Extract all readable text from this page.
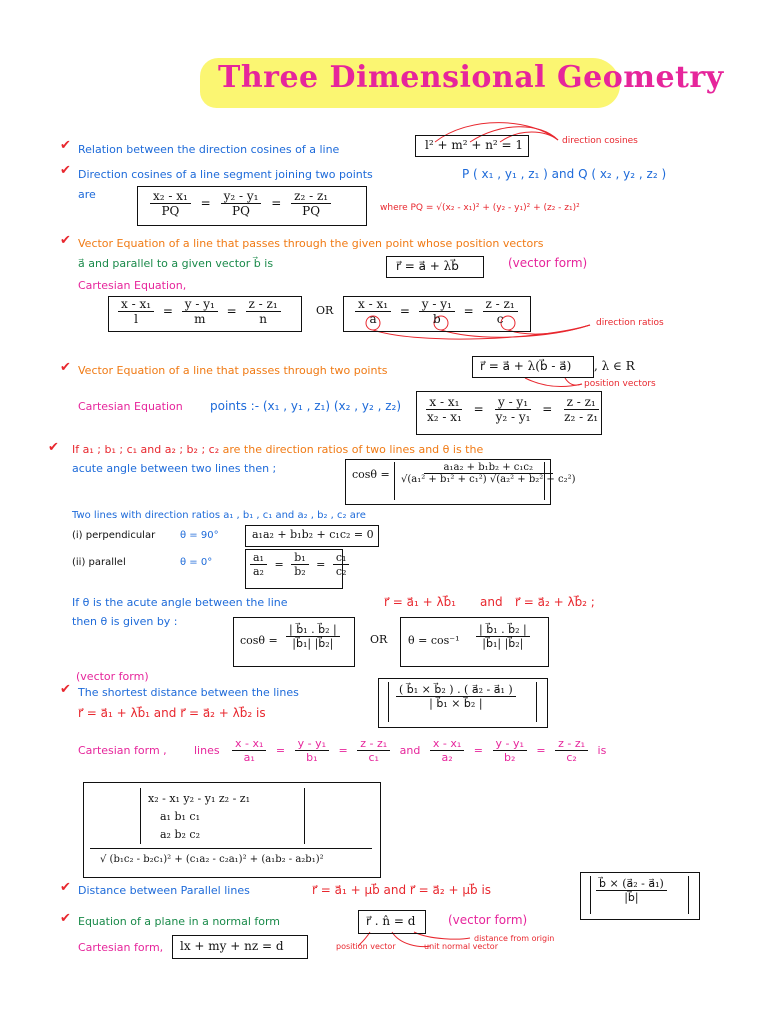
Three Dimensional Geometry
✔ Relation between the direction cosines of a line	l² + m² + n² = 1	direction cosines
✔ Direction cosines of a line segment joining two points	P ( x₁ , y₁ , z₁ ) and Q ( x₂ , y₂ , z₂ )
are	$\frac{\text{x₂ - x₁}}{PQ} = \frac{\text{y₂ - y₁}}{PQ} = \frac{\text{z₂ - z₁}}{PQ}$	where PQ = √(x₂ - x₁)² + (y₂ - y₁)² + (z₂ - z₁)²
✔ Vector Equation of a line that passes through the given point whose position vectors
a⃗ and parallel to a given vector b⃗ is	r⃗ = a⃗ + λb⃗	(vector form)
Cartesian Equation,
$\frac{\text{x - x₁}}{l} = \frac{\text{y - y₁}}{m} = \frac{\text{z - z₁}}{n}$	OR $\frac{\text{x - x₁}}{a} = \frac{\text{y - y₁}}{b} = \frac{\text{z - z₁}}{c}$	direction ratios
✔ Vector Equation of a line that passes through two points	r⃗ = a⃗ + λ(b⃗ - a⃗) , λ ∈ R
position vectors
Cartesian Equation points :- (x₁ , y₁ , z₁) (x₂ , y₂ , $z_2) \frac{\text{x - x₁}}{\text{x₂ - x₁}} = \frac{\text{y - y₁}}{\text{y₂ - y₁}} = \frac{\text{z - z₁}}{\text{z₂ - z₁}}$
✔ If a₁ ; b₁ ; c₁ and a₂ ; b₂ ; c₂ are the direction ratios of two lines and θ is the
acute angle between two lines then ;	$\cos\theta = \frac{\text{a₁a₂ + b₁b₂ + c₁c₂}}{\text{√(a₁² + b₁² + c₁²) √(a₂² + b₂² + c₂²)}}$
Two lines with direction ratios a₁ , b₁ , c₁ and a₂ , b₂ , c₂ are
(i) perpendicular θ = 90°	a₁a₂ + b₁b₂ + c₁c₂ = 0
(ii) parallel	θ = 0°	$\frac{\text{a₁}}{\text{a₂}} = \frac{\text{b₁}}{\text{b₂}} = \frac{\text{c₁}}{\text{c₂}}$
If θ is the acute angle between the line	r⃗ = a⃗₁ + λb⃗₁ and r⃗ = a⃗₂ + λb⃗₂ ;
then θ is given by :
$\cos\theta = \frac{\text{| b⃗₁ . b⃗₂ |}}{\text{|b⃗₁| |b⃗₂|}}$	OR $\theta = \cos^{-1} \frac{\text{| b⃗₁ . b⃗₂ |}}{\text{|b⃗₁| |b⃗₂|}}$
(vector form)
✔ The shortest distance between the lines
r⃗ = a⃗₁ + λb⃗₁ and r⃗ = a⃗₂ + λb⃗₂ is
$\frac{\text{( b⃗₁ × b⃗₂ ) . ( a⃗₂ - a⃗₁ )}}{\text{| b⃗₁ × b⃗₂ |}}$
Cartesian form , lines $\frac{\text{x - x₁}}{\text{a₁}} = \frac{\text{y - y₁}}{\text{b₁}} = \frac{\text{z - z₁}}{\text{c₁}}$ and $\frac{\text{x - x₁}}{\text{a₂}} = \frac{\text{y - y₁}}{\text{b₂}} = \frac{\text{z - z₁}}{\text{c₂}}$ is
x₂ - x₁ y₂ - y₁ z₂ - z₁
a₁ b₁ c₁
a₂ b₂ c₂
√ (b₁c₂ - b₂c₁)² + (c₁a₂ - c₂a₁)² + (a₁b₂ - a₂b₁)²
✔ Distance between Parallel lines	r⃗ = a⃗₁ + μb⃗ and r⃗ = a⃗₂ + μb⃗ is	$\frac{\text{b⃗ × (a⃗₂ - a⃗₁)}}{|b⃗|}$
✔ Equation of a plane in a normal form	r⃗ . n̂ = d	(vector form)
Cartesian form, lx + my + nz = d	position vector	unit normal vector
distance from origin
